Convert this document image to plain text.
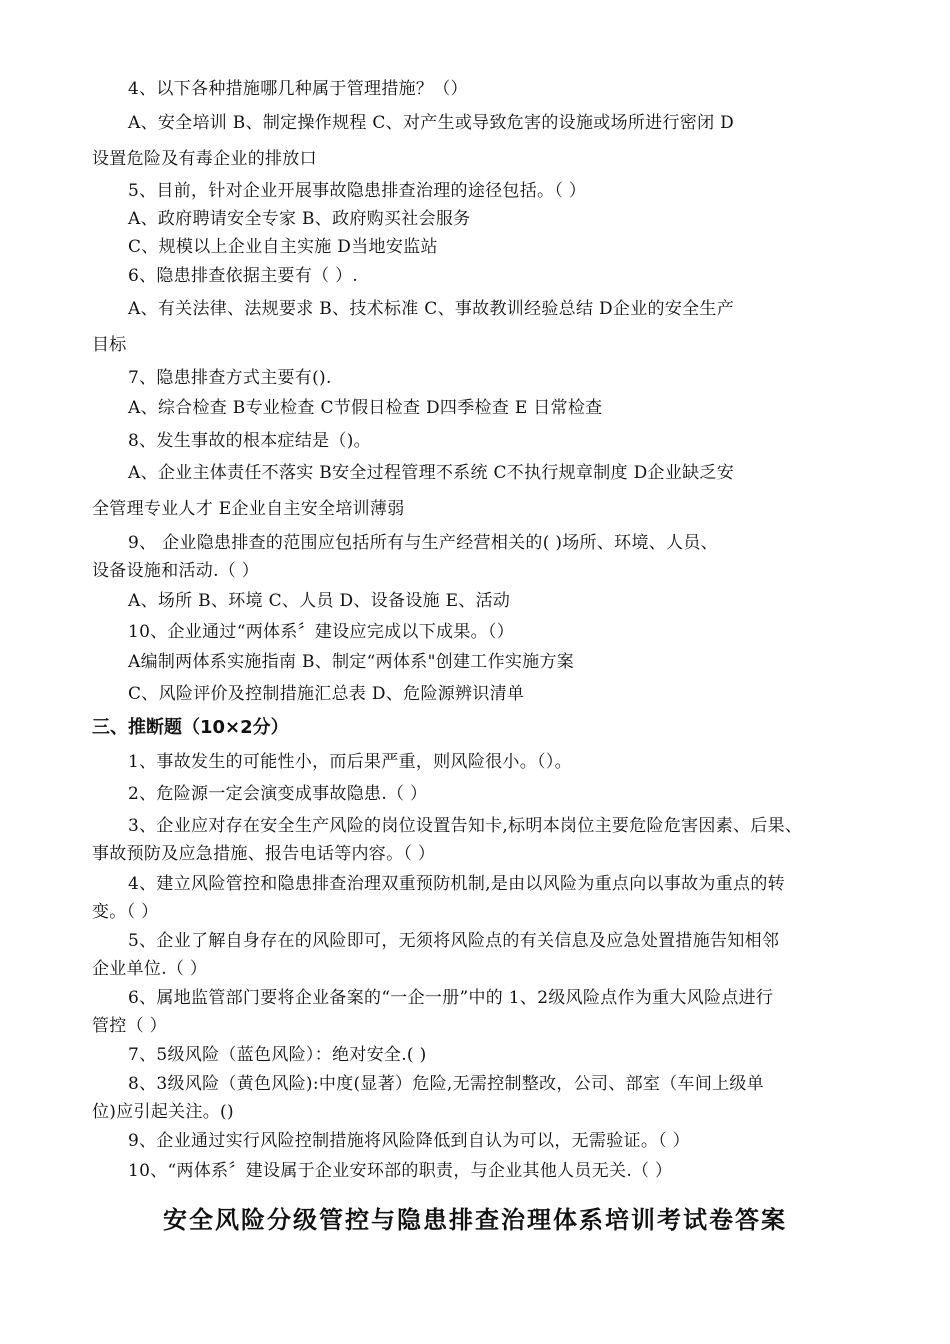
4、以下各种措施哪几种属于管理措施？（）
A、安全培训 B、制定操作规程 C、对产生或导致危害的设施或场所进行密闭 D
设置危险及有毒企业的排放口
5、目前，针对企业开展事故隐患排查治理的途径包括。（ ）
A、政府聘请安全专家 B、政府购买社会服务
C、规模以上企业自主实施 D当地安监站
6、隐患排查依据主要有（ ）.
A、有关法律、法规要求 B、技术标准 C、事故教训经验总结 D企业的安全生产
目标
7、隐患排查方式主要有().
A、综合检查 B专业检查 C节假日检查 D四季检查 E 日常检查
8、发生事故的根本症结是（)。
A、企业主体责任不落实 B安全过程管理不系统 C不执行规章制度 D企业缺乏安
全管理专业人才 E企业自主安全培训薄弱
9、 企业隐患排查的范围应包括所有与生产经营相关的( )场所、环境、人员、
设备设施和活动.（ ）
A、场所 B、环境 C、人员 D、设备设施 E、活动
10、企业通过“两体系〞建设应完成以下成果。（）
A编制两体系实施指南 B、制定“两体系"创建工作实施方案
C、风险评价及控制措施汇总表 D、危险源辨识清单
三、推断题（10×2分）
1、事故发生的可能性小，而后果严重，则风险很小。（）。
2、危险源一定会演变成事故隐患.（ ）
3、企业应对存在安全生产风险的岗位设置告知卡,标明本岗位主要危险危害因素、后果、
事故预防及应急措施、报告电话等内容。（ ）
4、建立风险管控和隐患排查治理双重预防机制,是由以风险为重点向以事故为重点的转
变。（ ）
5、企业了解自身存在的风险即可，无须将风险点的有关信息及应急处置措施告知相邻
企业单位.（ ）
6、属地监管部门要将企业备案的“一企一册”中的 1、2级风险点作为重大风险点进行
管控（ ）
7、5级风险（蓝色风险）：绝对安全.( )
8、3级风险（黄色风险):中度(显著）危险,无需控制整改，公司、部室（车间上级单
位)应引起关注。()
9、企业通过实行风险控制措施将风险降低到自认为可以，无需验证。（ ）
10、“两体系〞建设属于企业安环部的职责，与企业其他人员无关.（ ）
安全风险分级管控与隐患排查治理体系培训考试卷答案
